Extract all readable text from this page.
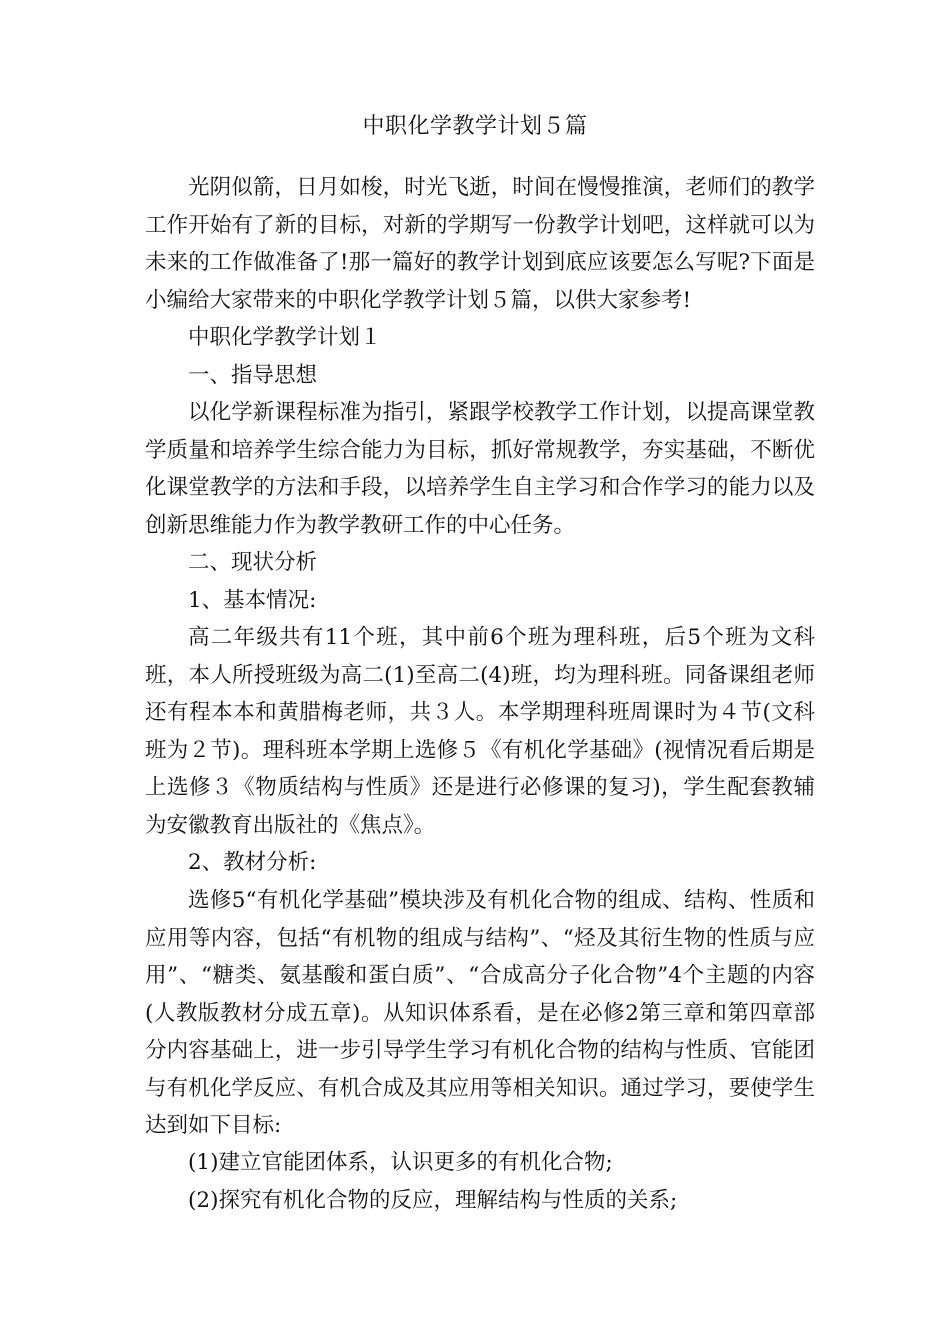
中职化学教学计划５篇

光阴似箭，日月如梭，时光飞逝，时间在慢慢推演，老师们的教学工作开始有了新的目标，对新的学期写一份教学计划吧，这样就可以为未来的工作做准备了!那一篇好的教学计划到底应该要怎么写呢?下面是小编给大家带来的中职化学教学计划５篇，以供大家参考!

中职化学教学计划１
一、指导思想

以化学新课程标准为指引，紧跟学校教学工作计划，以提高课堂教学质量和培养学生综合能力为目标，抓好常规教学，夯实基础，不断优化课堂教学的方法和手段，以培养学生自主学习和合作学习的能力以及创新思维能力作为教学教研工作的中心任务。

二、现状分析
1、基本情况:

高二年级共有11个班，其中前6个班为理科班，后5个班为文科班，本人所授班级为高二(1)至高二(4)班，均为理科班。同备课组老师还有程本本和黄腊梅老师，共３人。本学期理科班周课时为４节(文科班为２节)。理科班本学期上选修５《有机化学基础》(视情况看后期是上选修３《物质结构与性质》还是进行必修课的复习)，学生配套教辅为安徽教育出版社的《焦点》。

2、教材分析:

选修5“有机化学基础”模块涉及有机化合物的组成、结构、性质和应用等内容，包括“有机物的组成与结构”、“烃及其衍生物的性质与应用”、“糖类、氨基酸和蛋白质”、“合成高分子化合物”4个主题的内容(人教版教材分成五章)。从知识体系看，是在必修2第三章和第四章部分内容基础上，进一步引导学生学习有机化合物的结构与性质、官能团与有机化学反应、有机合成及其应用等相关知识。通过学习，要使学生达到如下目标:

(1)建立官能团体系，认识更多的有机化合物;
(2)探究有机化合物的反应，理解结构与性质的关系;
